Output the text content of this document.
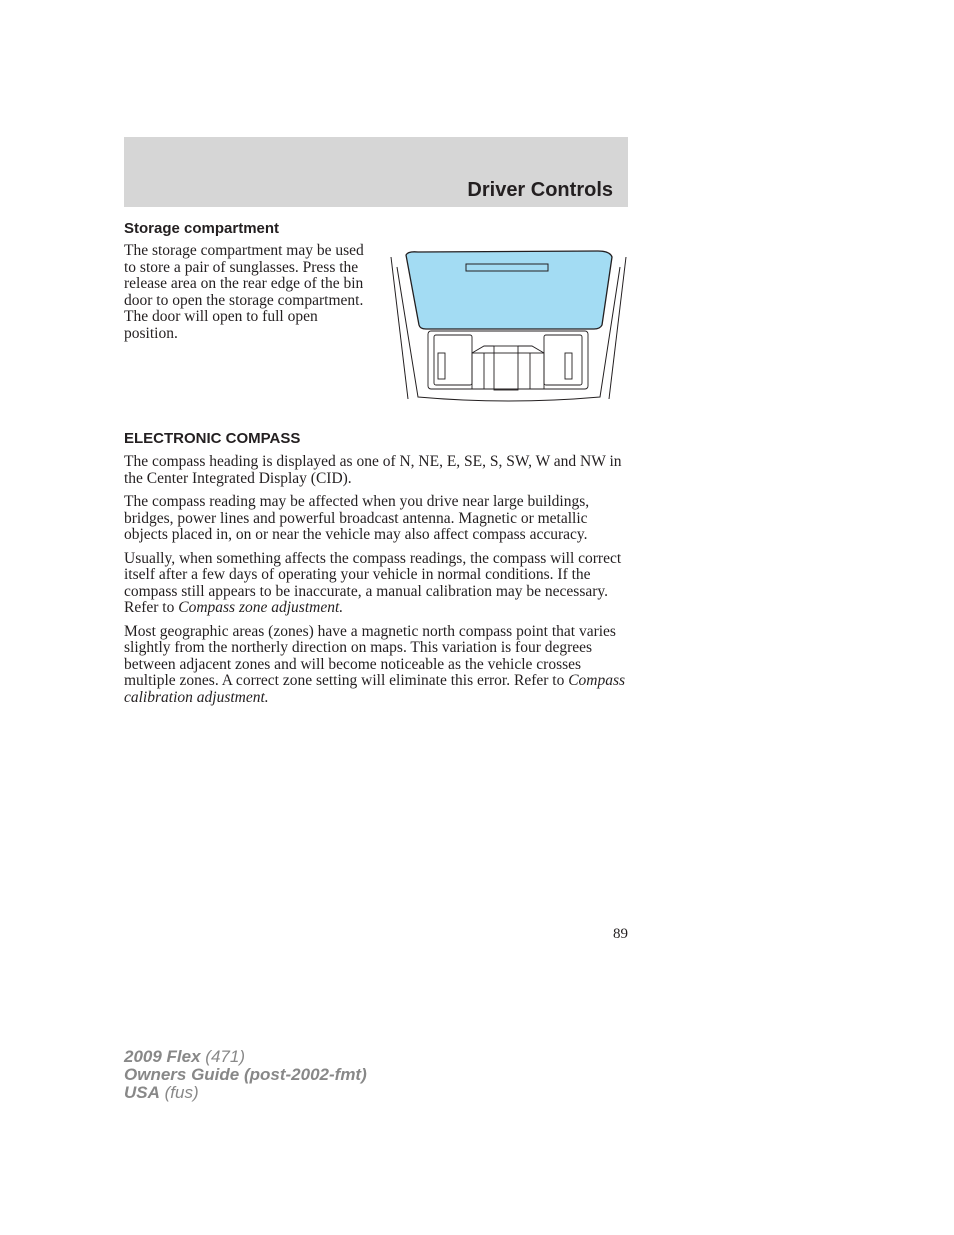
Driver Controls
Storage compartment

The storage compartment may be used to store a pair of sunglasses. Press the release area on the rear edge of the bin door to open the storage compartment. The door will open to full open position.

ELECTRONIC COMPASS

The compass heading is displayed as one of N, NE, E, SE, S, SW, W and NW in the Center Integrated Display (CID).

The compass reading may be affected when you drive near large buildings, bridges, power lines and powerful broadcast antenna. Magnetic or metallic objects placed in, on or near the vehicle may also affect compass accuracy.

Usually, when something affects the compass readings, the compass will correct itself after a few days of operating your vehicle in normal conditions. If the compass still appears to be inaccurate, a manual calibration may be necessary. Refer to Compass zone adjustment.

Most geographic areas (zones) have a magnetic north compass point that varies slightly from the northerly direction on maps. This variation is four degrees between adjacent zones and will become noticeable as the vehicle crosses multiple zones. A correct zone setting will eliminate this error. Refer to Compass calibration adjustment.

89
2009 Flex (471)
Owners Guide (post-2002-fmt)
USA (fus)
